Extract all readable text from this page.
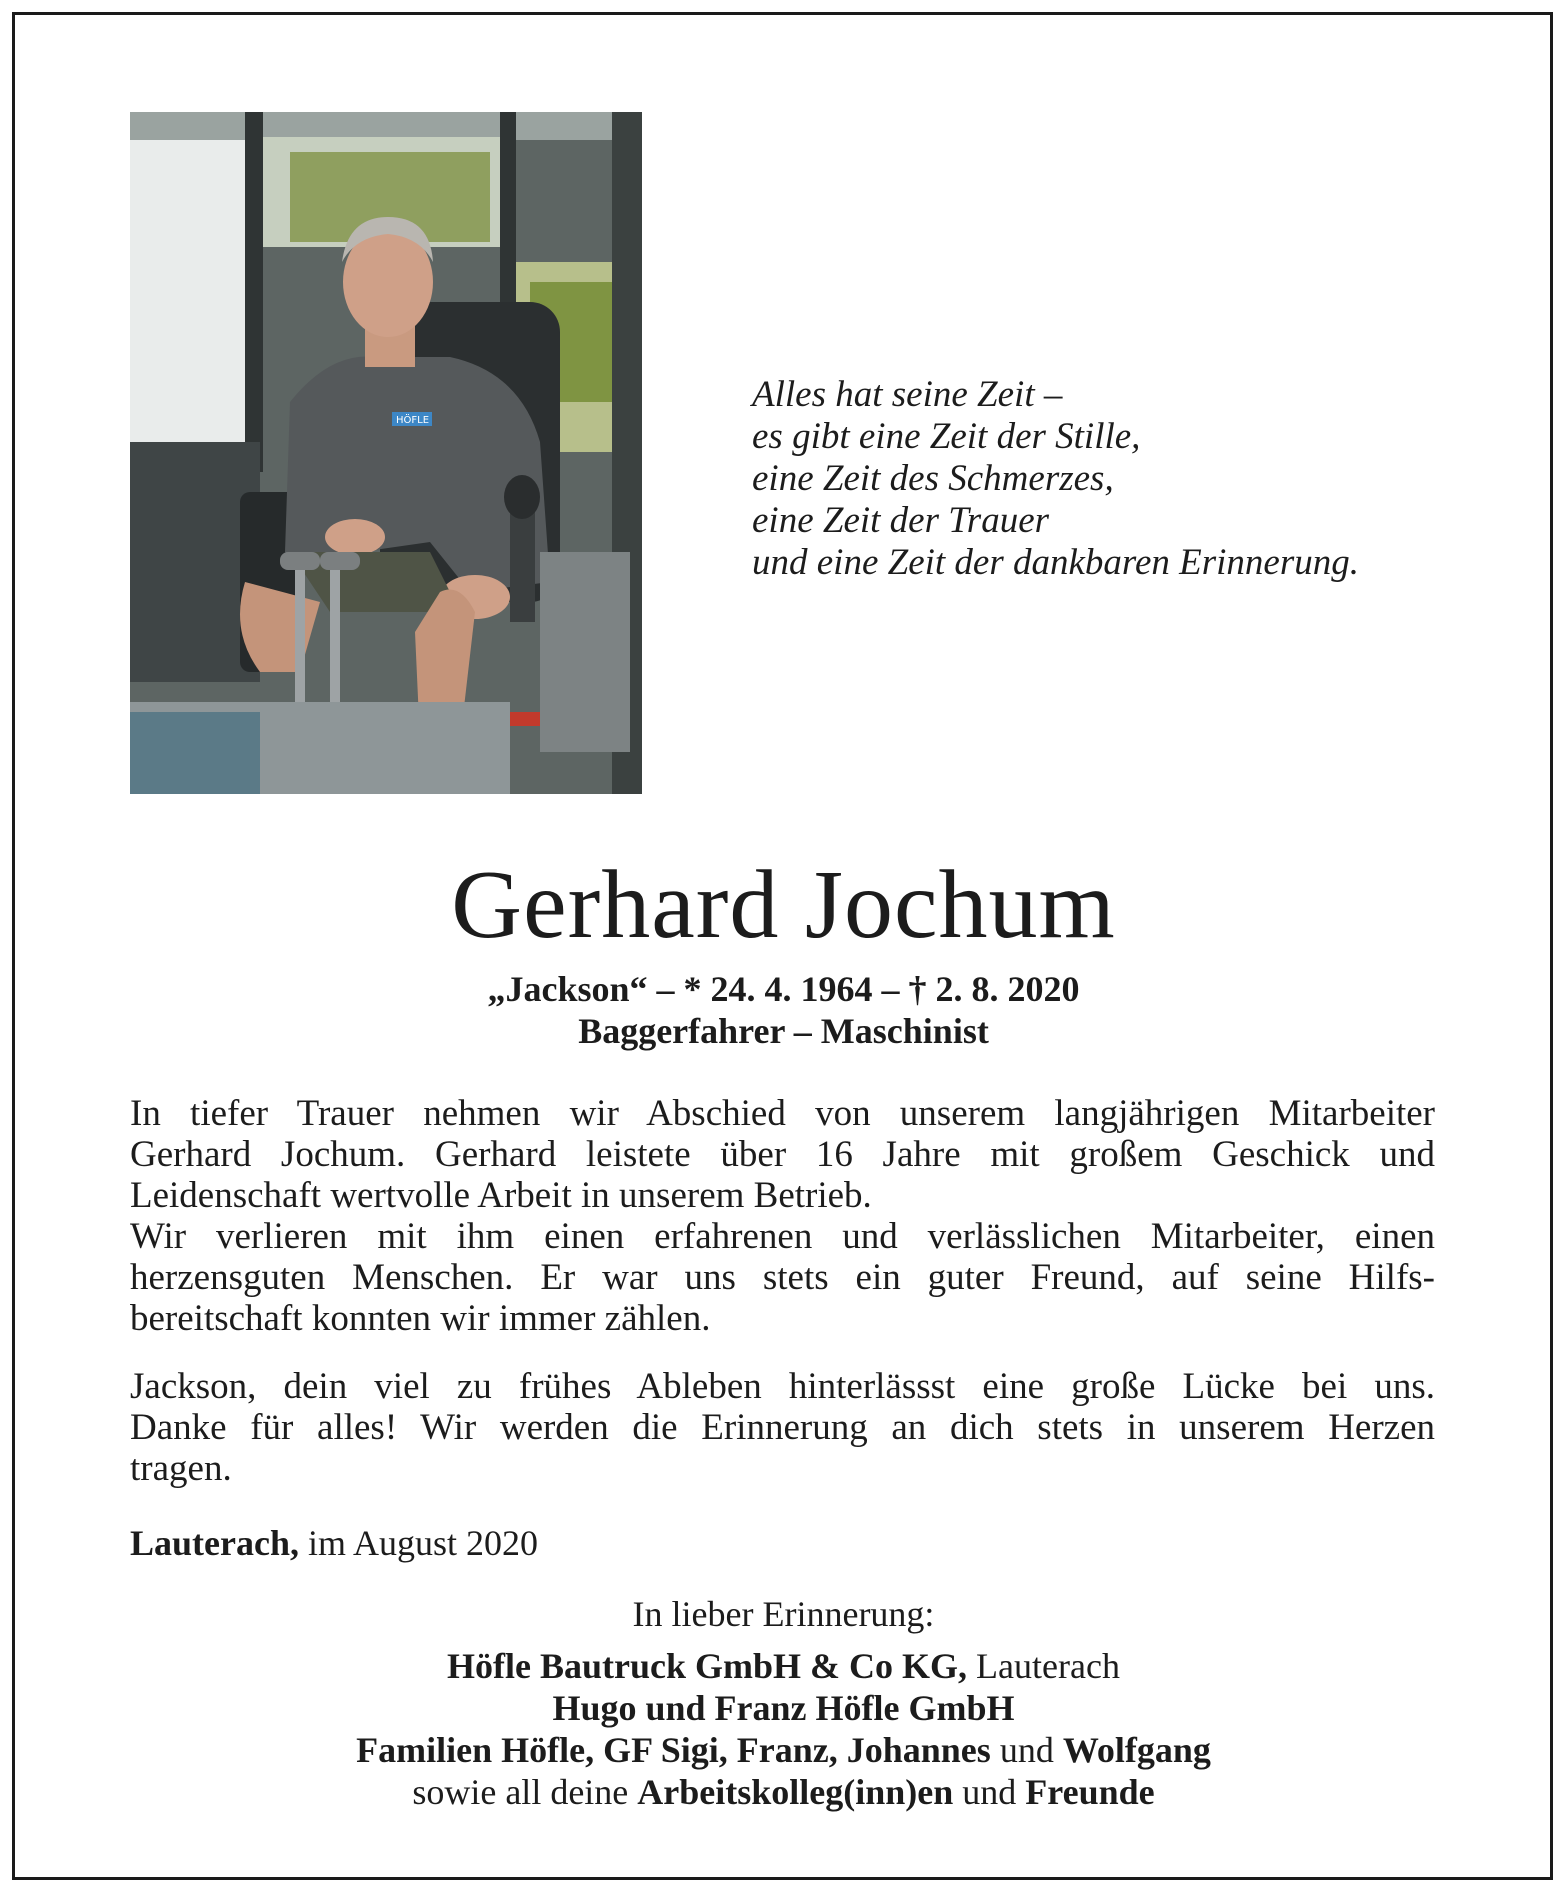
HÖFLE
Alles hat seine Zeit –
es gibt eine Zeit der Stille,
eine Zeit des Schmerzes,
eine Zeit der Trauer
und eine Zeit der dankbaren Erinnerung.
Gerhard Jochum
„Jackson“ – * 24. 4. 1964 – † 2. 8. 2020
Baggerfahrer – Maschinist
In tiefer Trauer nehmen wir Abschied von unserem langjährigen Mitarbeiter
Gerhard Jochum. Gerhard leistete über 16 Jahre mit großem Geschick und
Leidenschaft wertvolle Arbeit in unserem Betrieb.
Wir verlieren mit ihm einen erfahrenen und verlässlichen Mitarbeiter, einen
herzensguten Menschen. Er war uns stets ein guter Freund, auf seine Hilfs-
bereitschaft konnten wir immer zählen.
Jackson, dein viel zu frühes Ableben hinterlässst eine große Lücke bei uns.
Danke für alles! Wir werden die Erinnerung an dich stets in unserem Herzen
tragen.
Lauterach, im August 2020
In lieber Erinnerung:
Höfle Bautruck GmbH & Co KG, Lauterach
Hugo und Franz Höfle GmbH
Familien Höfle, GF Sigi, Franz, Johannes und Wolfgang
sowie all deine Arbeitskolleg(inn)en und Freunde
